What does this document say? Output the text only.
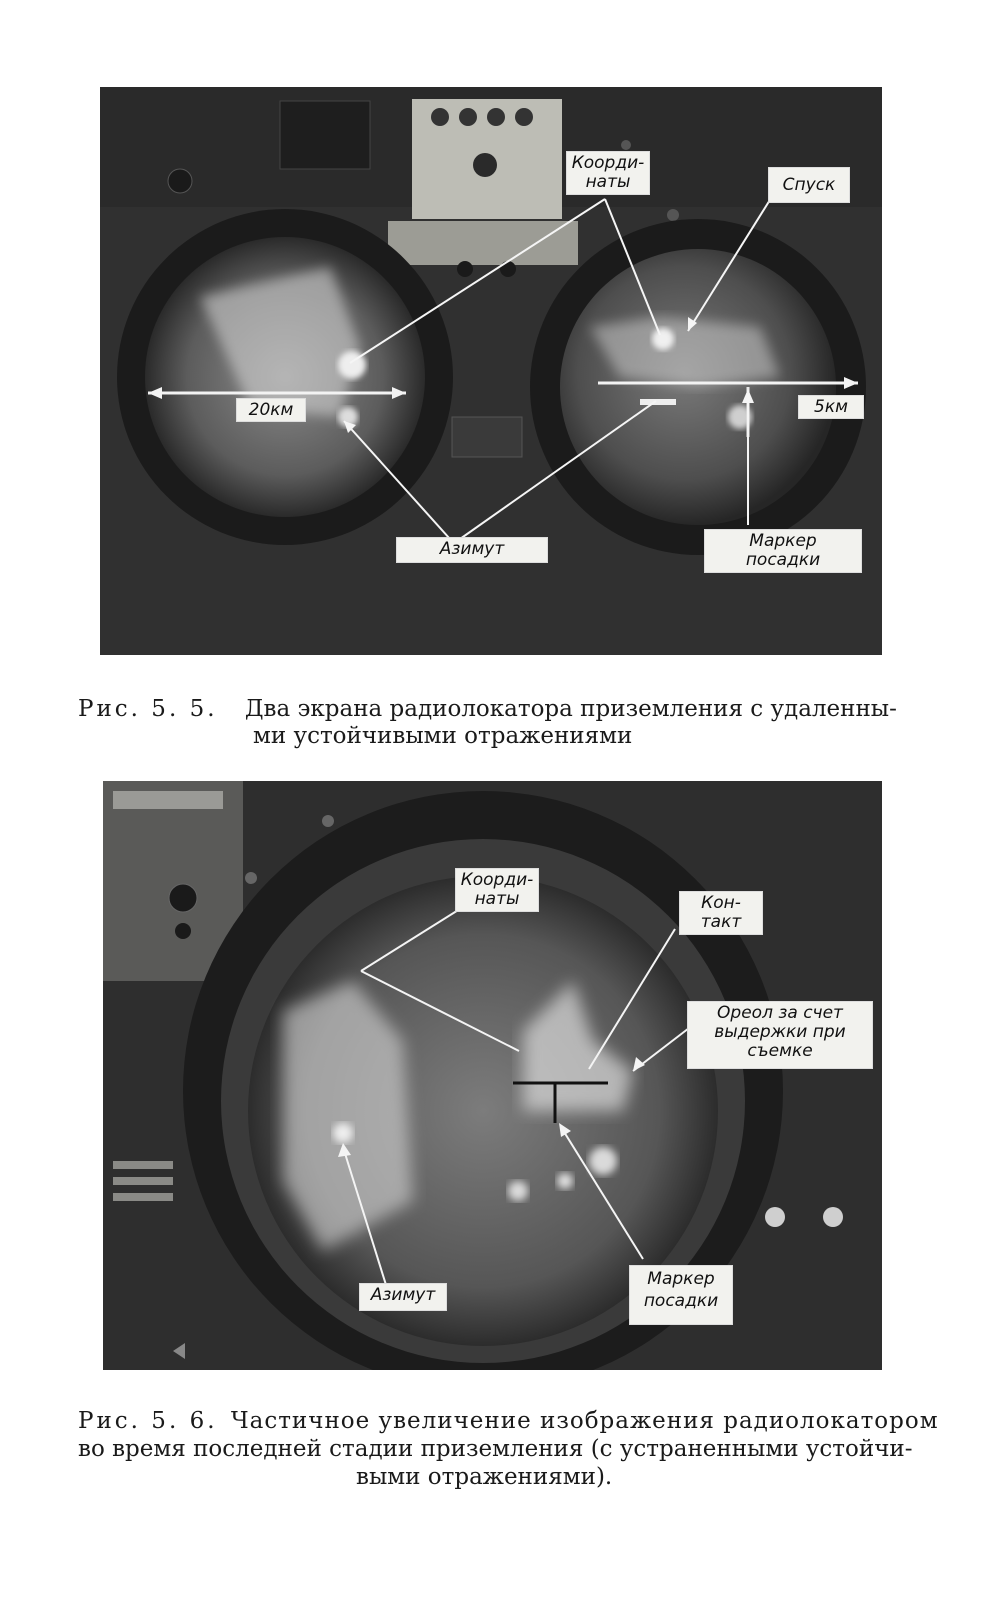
Коорди-
наты	Спуск
20км	5км
Азимут	Маркер
посадки
Рис. 5. 5. Два экрана радиолокатора приземления с удаленны-
ми устойчивыми отражениями
Коорди-
наты	Кон-
такт
Ореол за счет
выдержки при
съемке
Азимут
Маркер
посадки
Рис. 5. 6. Частичное увеличение изображения радиолокатором
во время последней стадии приземления (с устраненными устойчи-
выми отражениями).
